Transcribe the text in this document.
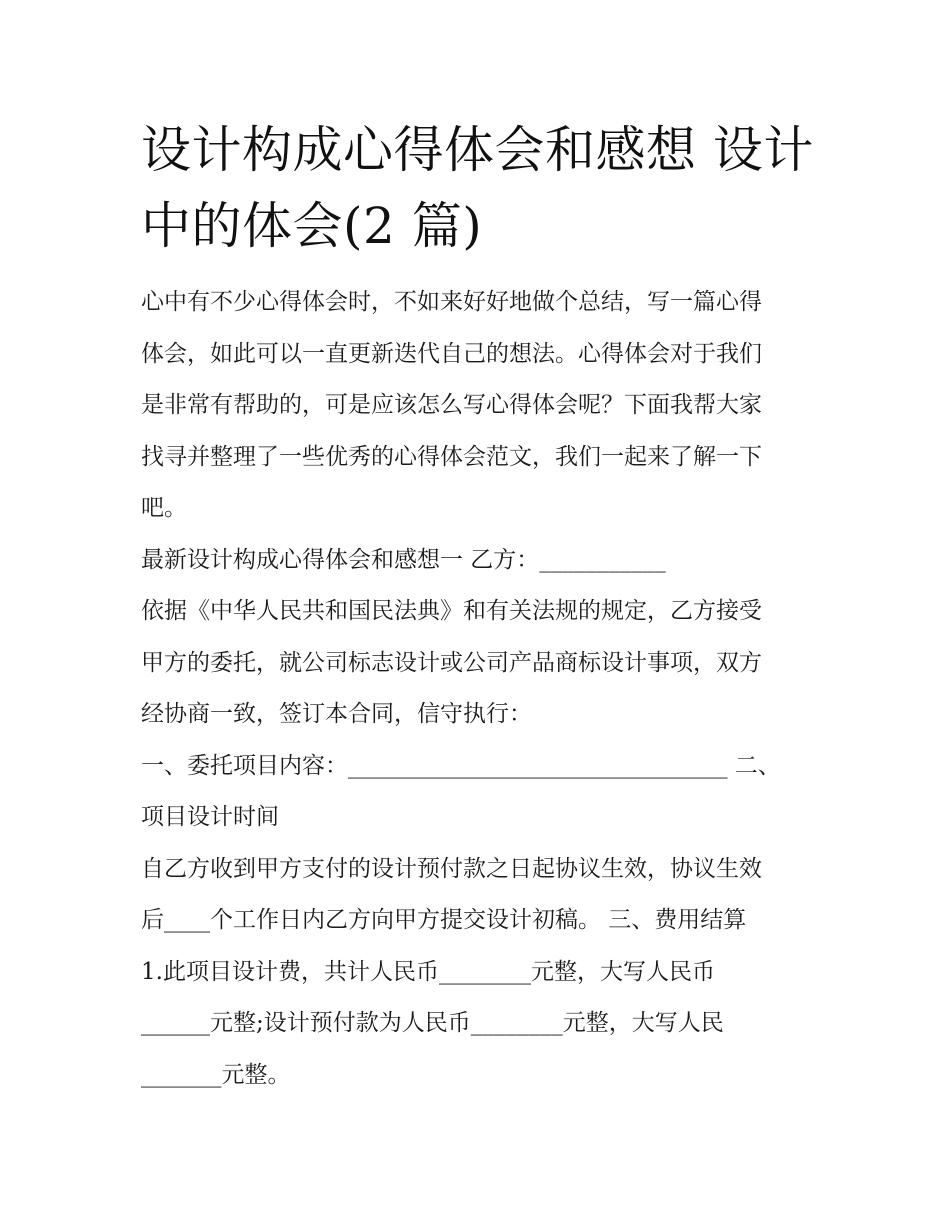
设计构成心得体会和感想 设计
中的体会(2 篇)

心中有不少心得体会时，不如来好好地做个总结，写一篇心得

体会，如此可以一直更新迭代自己的想法。心得体会对于我们

是非常有帮助的，可是应该怎么写心得体会呢？下面我帮大家

找寻并整理了一些优秀的心得体会范文，我们一起来了解一下

吧。

最新设计构成心得体会和感想一 乙方：___________

依据《中华人民共和国民法典》和有关法规的规定，乙方接受

甲方的委托，就公司标志设计或公司产品商标设计事项，双方

经协商一致，签订本合同，信守执行：

一、委托项目内容：_________________________________ 二、

项目设计时间

自乙方收到甲方支付的设计预付款之日起协议生效，协议生效

后____个工作日内乙方向甲方提交设计初稿。 三、费用结算

1.此项目设计费，共计人民币________元整，大写人民币

______元整;设计预付款为人民币________元整，大写人民

_______元整。
